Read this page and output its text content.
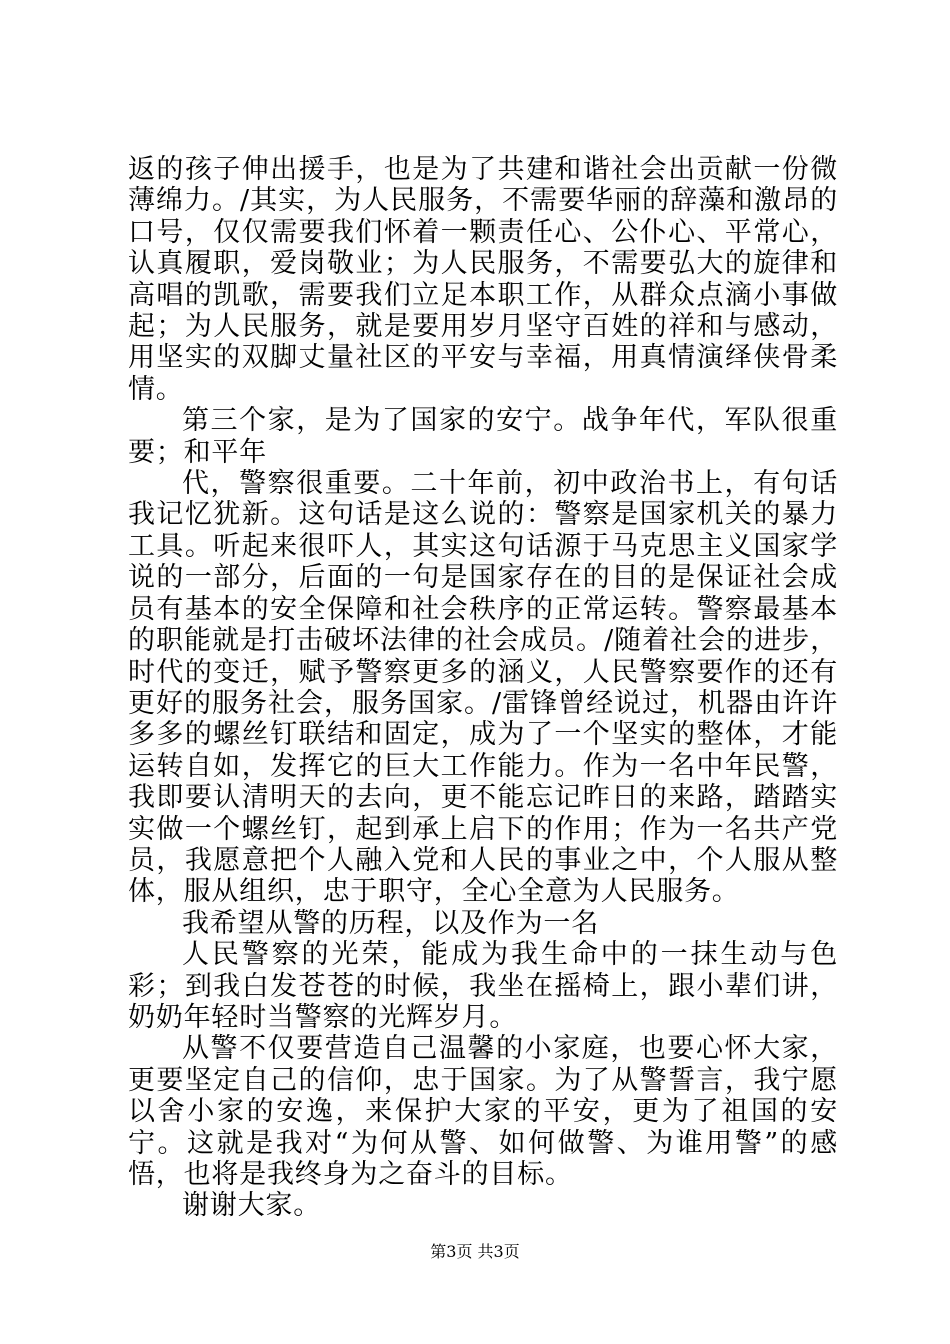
返的孩子伸出援手，也是为了共建和谐社会出贡献一份微薄绵力。/其实，为人民服务，不需要华丽的辞藻和激昂的口号，仅仅需要我们怀着一颗责任心、公仆心、平常心，认真履职，爱岗敬业；为人民服务，不需要弘大的旋律和高唱的凯歌，需要我们立足本职工作，从群众点滴小事做起；为人民服务，就是要用岁月坚守百姓的祥和与感动，用坚实的双脚丈量社区的平安与幸福，用真情演绎侠骨柔情。

第三个家，是为了国家的安宁。战争年代，军队很重要；和平年

代，警察很重要。二十年前，初中政治书上，有句话我记忆犹新。这句话是这么说的：警察是国家机关的暴力工具。听起来很吓人，其实这句话源于马克思主义国家学说的一部分，后面的一句是国家存在的目的是保证社会成员有基本的安全保障和社会秩序的正常运转。警察最基本的职能就是打击破坏法律的社会成员。/随着社会的进步，时代的变迁，赋予警察更多的涵义，人民警察要作的还有更好的服务社会，服务国家。/雷锋曾经说过，机器由许许多多的螺丝钉联结和固定，成为了一个坚实的整体，才能运转自如，发挥它的巨大工作能力。作为一名中年民警，我即要认清明天的去向，更不能忘记昨日的来路，踏踏实实做一个螺丝钉，起到承上启下的作用；作为一名共产党员，我愿意把个人融入党和人民的事业之中，个人服从整体，服从组织，忠于职守，全心全意为人民服务。

我希望从警的历程，以及作为一名

人民警察的光荣，能成为我生命中的一抹生动与色彩；到我白发苍苍的时候，我坐在摇椅上，跟小辈们讲，奶奶年轻时当警察的光辉岁月。

从警不仅要营造自己温馨的小家庭，也要心怀大家，更要坚定自己的信仰，忠于国家。为了从警誓言，我宁愿以舍小家的安逸，来保护大家的平安，更为了祖国的安宁。这就是我对“为何从警、如何做警、为谁用警”的感悟，也将是我终身为之奋斗的目标。

谢谢大家。

第3页 共3页
